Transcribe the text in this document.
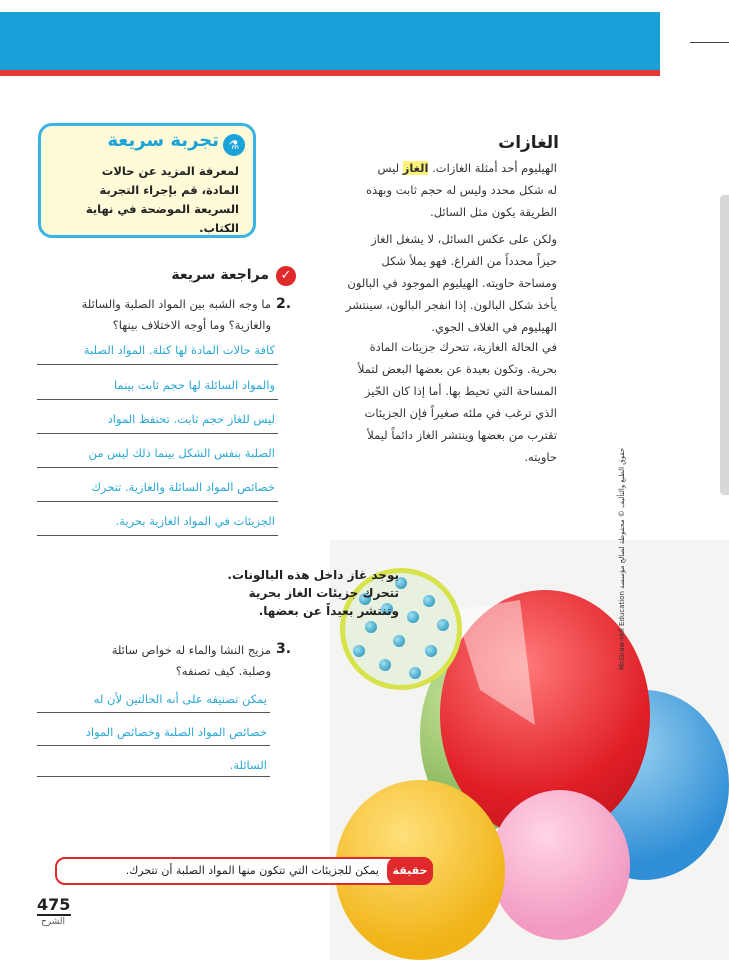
الغازات
الهيليوم أحد أمثلة الغازات. الغاز ليس
له شكل محدد وليس له حجم ثابت وبهذه
الطريقة يكون مثل السائل.
ولكن على عكس السائل، لا يشغل الغاز
حيزاً محدداً من الفراغ. فهو يملأ شكل
ومساحة حاويته. الهيليوم الموجود في البالون
يأخذ شكل البالون. إذا انفجر البالون، سينتشر
الهيليوم في الغلاف الجوي.
في الحالة الغازية، تتحرك جزيئات المادة
بحرية. وتكون بعيدة عن بعضها البعض لتملأ
المساحة التي تحيط بها. أما إذا كان الحّيز
الذي ترغب في ملئه صغيراً فإن الجزيئات
تقترب من بعضها وينتشر الغاز دائماً ليملأ
حاويته.
تجربة سريعة ⚗
لمعرفة المزيد عن حالات
المادة، قم بإجراء التجربة
السريعة الموضحة في نهاية
الكتاب.
✓
مراجعة سريعة
2.
ما وجه الشبه بين المواد الصلبة والسائلة
والغازية؟ وما أوجه الاختلاف بينها؟
كافة حالات المادة لها كتلة. المواد الصلبة
والمواد السائلة لها حجم ثابت بينما
ليس للغاز حجم ثابت. تحتفظ المواد
الصلبة بنفس الشكل بينما ذلك ليس من
خصائص المواد السائلة والغازية. تتحرك
الجزيئات في المواد الغازية بحرية.
3.
مزيج النشا والماء له خواص سائلة
وصلبة. كيف تصنفه؟
يمكن تصنيفه على أنه الحالتين لأن له
خصائص المواد الصلبة وخصائص المواد
السائلة.
يوجد غاز داخل هذه البالونات.
تتحرك جزيئات الغاز بحرية
وتنتشر بعيداً عن بعضها.	McGraw-Hill Education حقوق الطبع والتأليف © محفوظة لصالح مؤسسة
حقيقة
يمكن للجزيئات التي تتكون منها المواد الصلبة أن تتحرك.
475
الشرح
